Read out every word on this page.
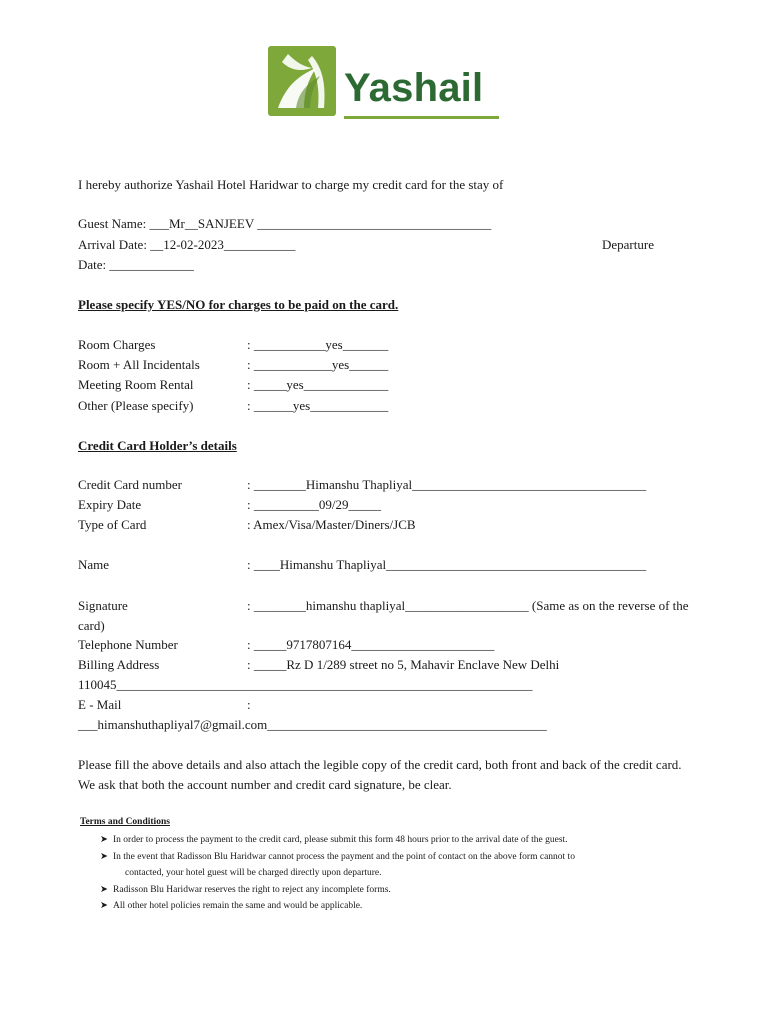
Yashail
I hereby authorize Yashail Hotel Haridwar to charge my credit card for the stay of
Guest Name: ___Mr__SANJEEV ____________________________________
Arrival Date: __12-02-2023___________	Departure
Date: _____________
Please specify YES/NO for charges to be paid on the card.
Room Charges	: ___________yes_______
Room + All Incidentals	: ____________yes______
Meeting Room Rental	: _____yes_____________
Other (Please specify)	: ______yes____________
Credit Card Holder’s details
Credit Card number	: ________Himanshu Thapliyal____________________________________
Expiry Date	: __________09/29_____
Type of Card	: Amex/Visa/Master/Diners/JCB
Name	: ____Himanshu Thapliyal________________________________________
Signature	: ________himanshu thapliyal___________________ (Same as on the reverse of the
card)
Telephone Number	: _____9717807164______________________
Billing Address	: _____Rz D 1/289 street no 5, Mahavir Enclave New Delhi
110045________________________________________________________________
E - Mail	:
___himanshuthapliyal7@gmail.com___________________________________________
Please fill the above details and also attach the legible copy of the credit card, both front and back of the credit card. We ask that both the account number and credit card signature, be clear.
Terms and Conditions
➤ In order to process the payment to the credit card, please submit this form 48 hours prior to the arrival date of the guest.
➤ In the event that Radisson Blu Haridwar cannot process the payment and the point of contact on the above form cannot to
contacted, your hotel guest will be charged directly upon departure.
➤ Radisson Blu Haridwar reserves the right to reject any incomplete forms.
➤ All other hotel policies remain the same and would be applicable.
